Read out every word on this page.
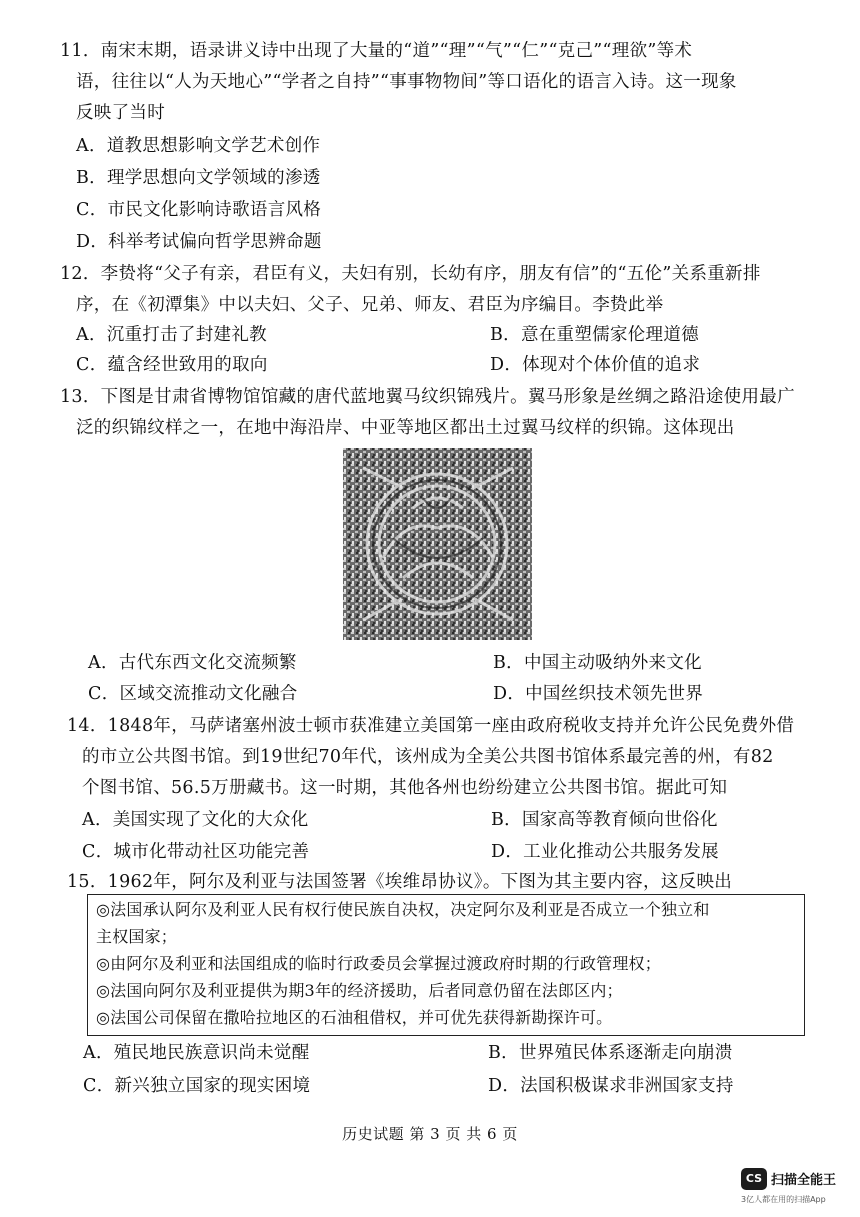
11．南宋末期，语录讲义诗中出现了大量的“道”“理”“气”“仁”“克己”“理欲”等术
语，往往以“人为天地心”“学者之自持”“事事物物间”等口语化的语言入诗。这一现象
反映了当时
A．道教思想影响文学艺术创作
B．理学思想向文学领域的渗透
C．市民文化影响诗歌语言风格
D．科举考试偏向哲学思辨命题
12．李贽将“父子有亲，君臣有义，夫妇有别，长幼有序，朋友有信”的“五伦”关系重新排
序，在《初潭集》中以夫妇、父子、兄弟、师友、君臣为序编目。李贽此举
A．沉重打击了封建礼教	B．意在重塑儒家伦理道德
C．蕴含经世致用的取向	D．体现对个体价值的追求
13．下图是甘肃省博物馆馆藏的唐代蓝地翼马纹织锦残片。翼马形象是丝绸之路沿途使用最广
泛的织锦纹样之一，在地中海沿岸、中亚等地区都出土过翼马纹样的织锦。这体现出
A．古代东西文化交流频繁	B．中国主动吸纳外来文化
C．区域交流推动文化融合	D．中国丝织技术领先世界
14．1848年，马萨诸塞州波士顿市获准建立美国第一座由政府税收支持并允许公民免费外借
的市立公共图书馆。到19世纪70年代，该州成为全美公共图书馆体系最完善的州，有82
个图书馆、56.5万册藏书。这一时期，其他各州也纷纷建立公共图书馆。据此可知
A．美国实现了文化的大众化	B．国家高等教育倾向世俗化
C．城市化带动社区功能完善	D．工业化推动公共服务发展
15．1962年，阿尔及利亚与法国签署《埃维昂协议》。下图为其主要内容，这反映出
◎法国承认阿尔及利亚人民有权行使民族自决权，决定阿尔及利亚是否成立一个独立和
主权国家；
◎由阿尔及利亚和法国组成的临时行政委员会掌握过渡政府时期的行政管理权；
◎法国向阿尔及利亚提供为期3年的经济援助，后者同意仍留在法郎区内；
◎法国公司保留在撒哈拉地区的石油租借权，并可优先获得新勘探许可。
A．殖民地民族意识尚未觉醒	B．世界殖民体系逐渐走向崩溃
C．新兴独立国家的现实困境	D．法国积极谋求非洲国家支持
历史试题 第 3 页 共 6 页
CS 扫描全能王
3亿人都在用的扫描App
